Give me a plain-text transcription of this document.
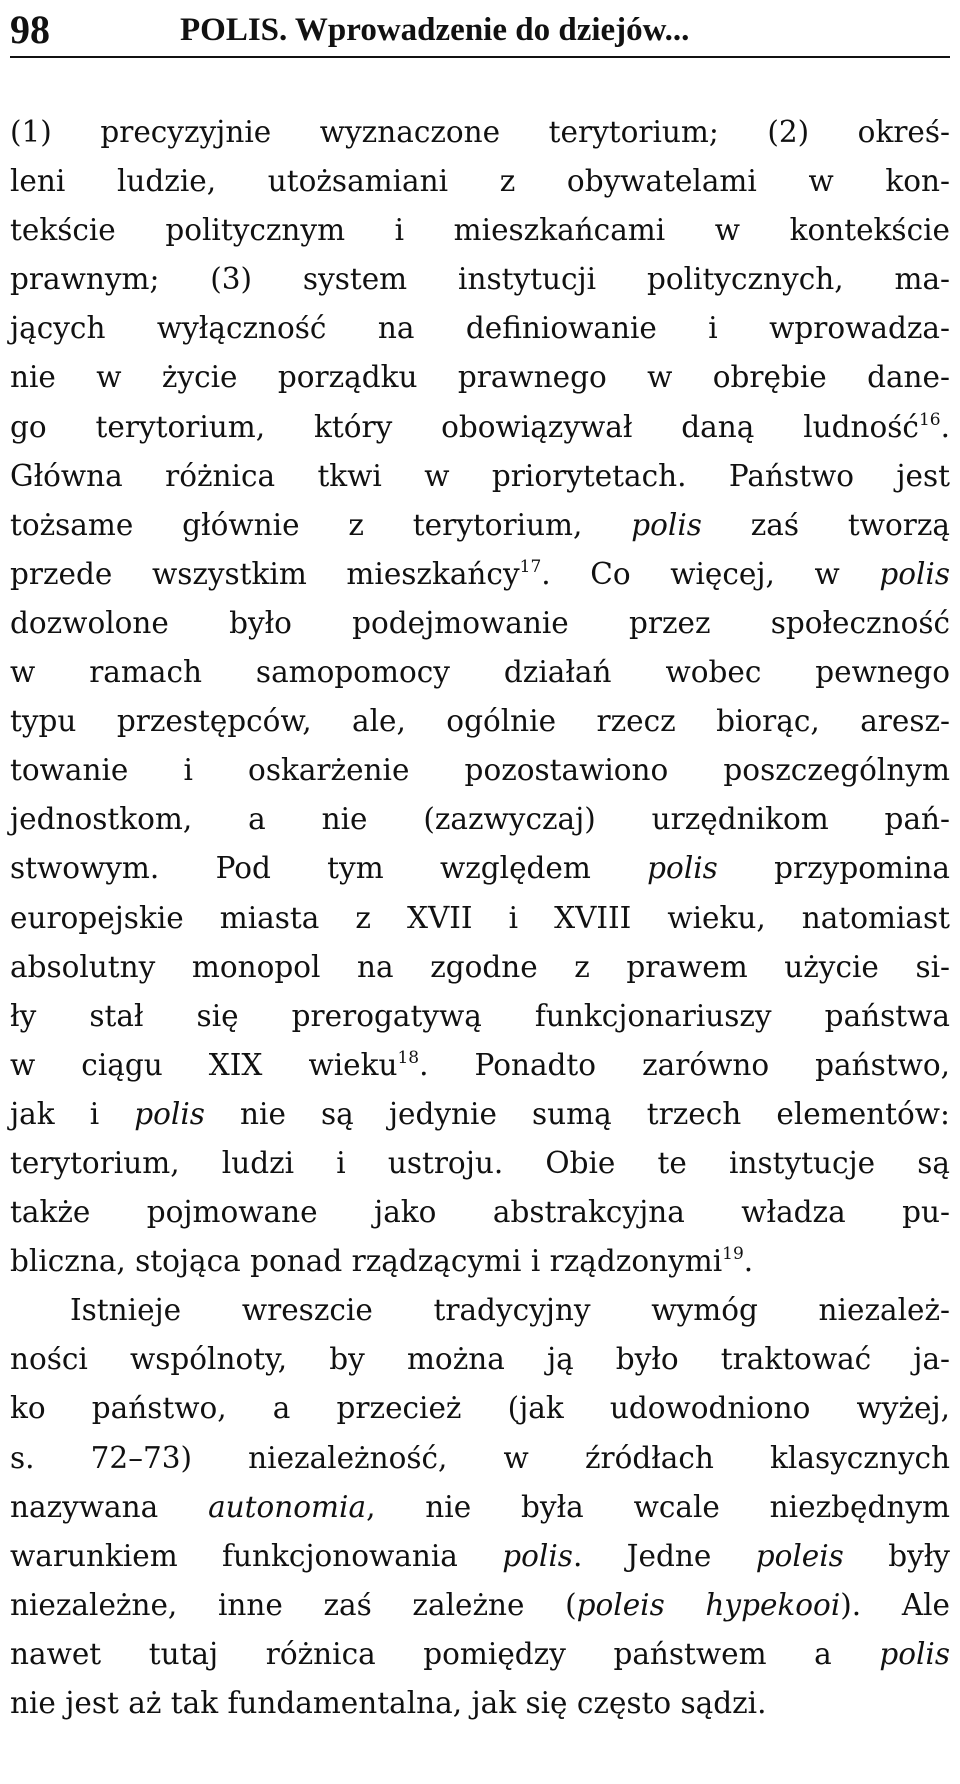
98	POLIS. Wprowadzenie do dziejów...
(1) precyzyjnie wyznaczone terytorium; (2) okreś-
leni ludzie, utożsamiani z obywatelami w kon-
tekście politycznym i mieszkańcami w kontekście
prawnym; (3) system instytucji politycznych, ma-
jących wyłączność na definiowanie i wprowadza-
nie w życie porządku prawnego w obrębie dane-
go terytorium, który obowiązywał daną ludność$^{16}$.
Główna różnica tkwi w priorytetach. Państwo jest
tożsame głównie z terytorium, polis zaś tworzą
przede wszystkim mieszkańcy$^{17}$. Co więcej, w polis
dozwolone było podejmowanie przez społeczność
w ramach samopomocy działań wobec pewnego
typu przestępców, ale, ogólnie rzecz biorąc, aresz-
towanie i oskarżenie pozostawiono poszczególnym
jednostkom, a nie (zazwyczaj) urzędnikom pań-
stwowym. Pod tym względem polis przypomina
europejskie miasta z XVII i XVIII wieku, natomiast
absolutny monopol na zgodne z prawem użycie si-
ły stał się prerogatywą funkcjonariuszy państwa
w ciągu XIX wieku$^{18}$. Ponadto zarówno państwo,
jak i polis nie są jedynie sumą trzech elementów:
terytorium, ludzi i ustroju. Obie te instytucje są
także pojmowane jako abstrakcyjna władza pu-
bliczna, stojąca ponad rządzącymi i rządzonymi$^{19}$.
Istnieje wreszcie tradycyjny wymóg niezależ-
ności wspólnoty, by można ją było traktować ja-
ko państwo, a przecież (jak udowodniono wyżej,
s. 72–73) niezależność, w źródłach klasycznych
nazywana autonomia, nie była wcale niezbędnym
warunkiem funkcjonowania polis. Jedne poleis były
niezależne, inne zaś zależne (poleis hypekooi). Ale
nawet tutaj różnica pomiędzy państwem a polis
nie jest aż tak fundamentalna, jak się często sądzi.
